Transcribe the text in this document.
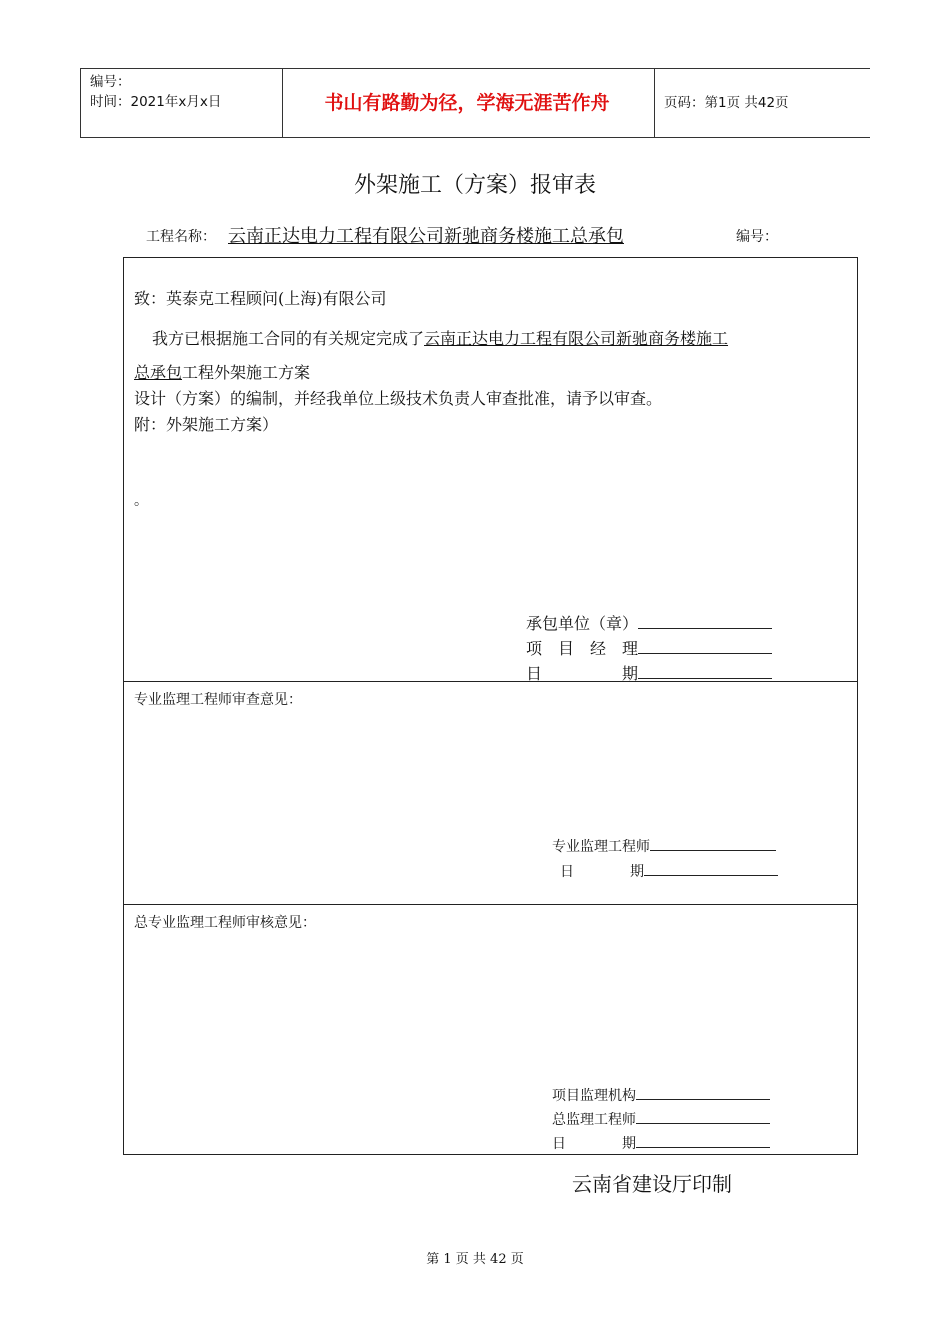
编号：
时间：2021年x月x日	书山有路勤为径，学海无涯苦作舟	页码：第1页 共42页
外架施工（方案）报审表
工程名称： 云南正达电力工程有限公司新驰商务楼施工总承包	编号：
致：英泰克工程顾问(上海)有限公司
我方已根据施工合同的有关规定完成了云南正达电力工程有限公司新驰商务楼施工
总承包工程外架施工方案
设计（方案）的编制，并经我单位上级技术负责人审查批准，请予以审查。
附：外架施工方案）
。
承包单位（章）
项　目　经　理
日　　　　　期
专业监理工程师审查意见：
专业监理工程师
日　　　　期
总专业监理工程师审核意见：
项目监理机构
总监理工程师
日　　　　期
云南省建设厅印制
第 1 页 共 42 页
